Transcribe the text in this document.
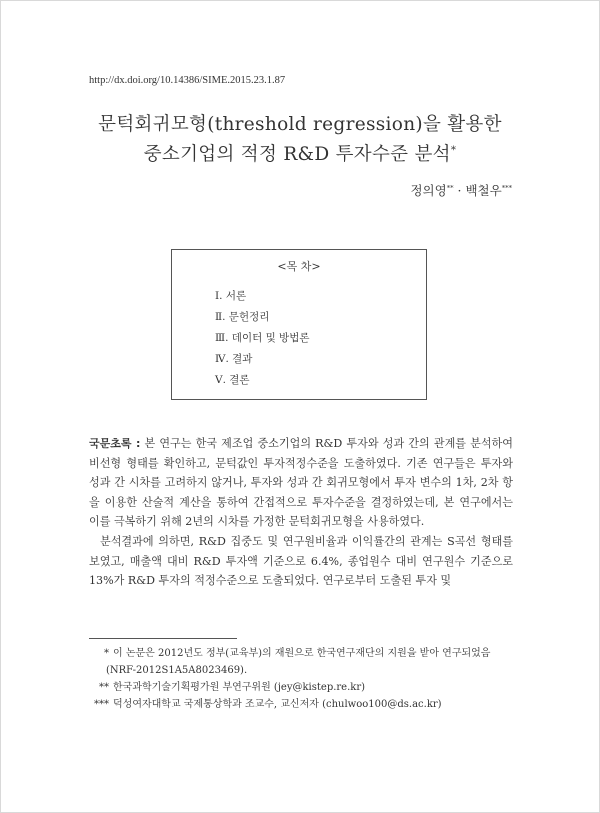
http://dx.doi.org/10.14386/SIME.2015.23.1.87
문턱회귀모형(threshold regression)을 활용한
중소기업의 적정 R&D 투자수준 분석*
정의영** · 백철우***
<목 차>
Ⅰ. 서론
Ⅱ. 문헌정리
Ⅲ. 데이터 및 방법론
Ⅳ. 결과
Ⅴ. 결론

국문초록 : 본 연구는 한국 제조업 중소기업의 R&D 투자와 성과 간의 관계를 분석하여 비선형 형태를 확인하고, 문턱값인 투자적정수준을 도출하였다. 기존 연구들은 투자와 성과 간 시차를 고려하지 않거나, 투자와 성과 간 회귀모형에서 투자 변수의 1차, 2차 항을 이용한 산술적 계산을 통하여 간접적으로 투자수준을 결정하였는데, 본 연구에서는 이를 극복하기 위해 2년의 시차를 가정한 문턱회귀모형을 사용하였다.

분석결과에 의하면, R&D 집중도 및 연구원비율과 이익률간의 관계는 S곡선 형태를 보였고, 매출액 대비 R&D 투자액 기준으로 6.4%, 종업원수 대비 연구원수 기준으로 13%가 R&D 투자의 적정수준으로 도출되었다. 연구로부터 도출된 투자 및

* 이 논문은 2012년도 정부(교육부)의 재원으로 한국연구재단의 지원을 받아 연구되었음
(NRF-2012S1A5A8023469).
** 한국과학기술기획평가원 부연구위원 (jey@kistep.re.kr)
*** 덕성여자대학교 국제통상학과 조교수, 교신저자 (chulwoo100@ds.ac.kr)
